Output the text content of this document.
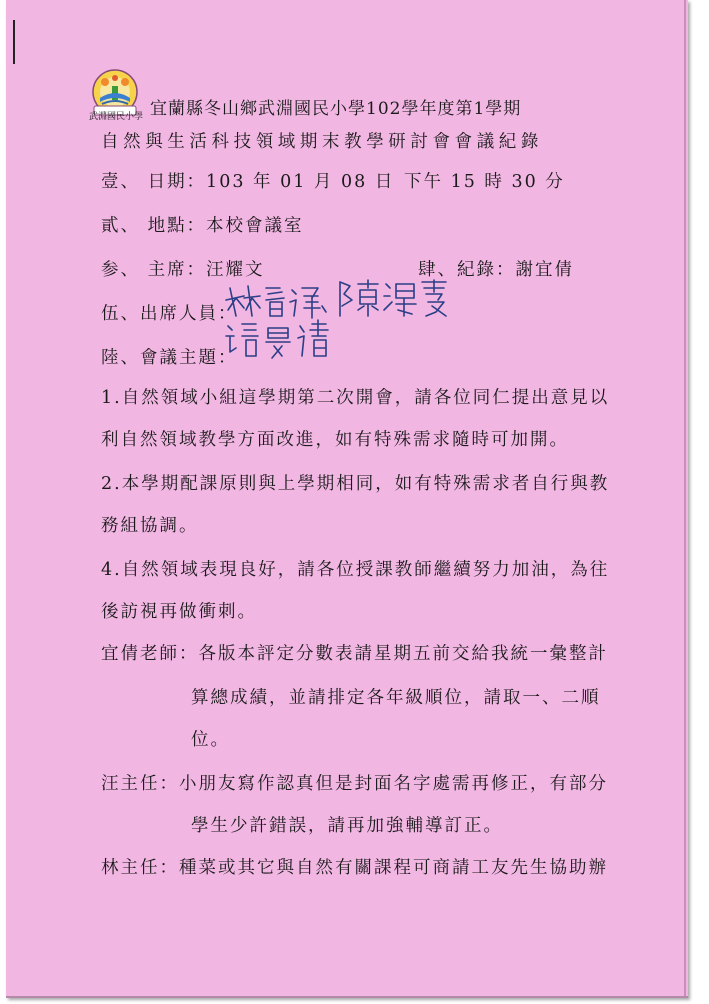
武淵國民小學 宜蘭縣冬山鄉武淵國民小學102學年度第1學期
自然與生活科技領域期末教學研討會會議紀錄
壹、 日期：103 年 01 月 08 日 下午 15 時 30 分
貳、 地點：本校會議室
参、 主席：汪耀文	肆、紀錄：謝宜倩
伍、出席人員：
陸、會議主題：
1.自然領域小組這學期第二次開會，請各位同仁提出意見以
利自然領域教學方面改進，如有特殊需求隨時可加開。
2.本學期配課原則與上學期相同，如有特殊需求者自行與教
務組協調。
4.自然領域表現良好，請各位授課教師繼續努力加油，為往
後訪視再做衝刺。
宜倩老師：各版本評定分數表請星期五前交給我統一彙整計
算總成績，並請排定各年級順位，請取一、二順
位。
汪主任：小朋友寫作認真但是封面名字處需再修正，有部分
學生少許錯誤，請再加強輔導訂正。
林主任：種菜或其它與自然有關課程可商請工友先生協助辦
